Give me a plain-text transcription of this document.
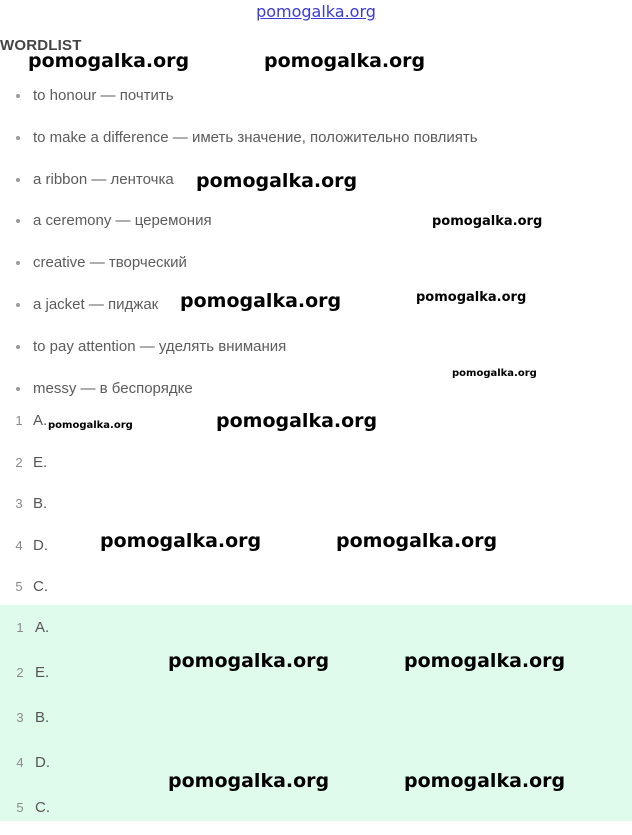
pomogalka.org
WORDLIST
to honour — почтить
to make a difference — иметь значение, положительно повлиять
a ribbon — ленточка
a ceremony — церемония
creative — творческий
a jacket — пиджак
to pay attention — уделять внимания
messy — в беспорядке
1 A.
2 E.
3 B.
4 D.
5 C.
1 A.
2 E.
3 B.
4 D.
5 C.
pomogalka.org	pomogalka.org
pomogalka.org
pomogalka.org
pomogalka.org	pomogalka.org
pomogalka.org
pomogalka.org	pomogalka.org
pomogalka.org	pomogalka.org
pomogalka.org	pomogalka.org
pomogalka.org	pomogalka.org
